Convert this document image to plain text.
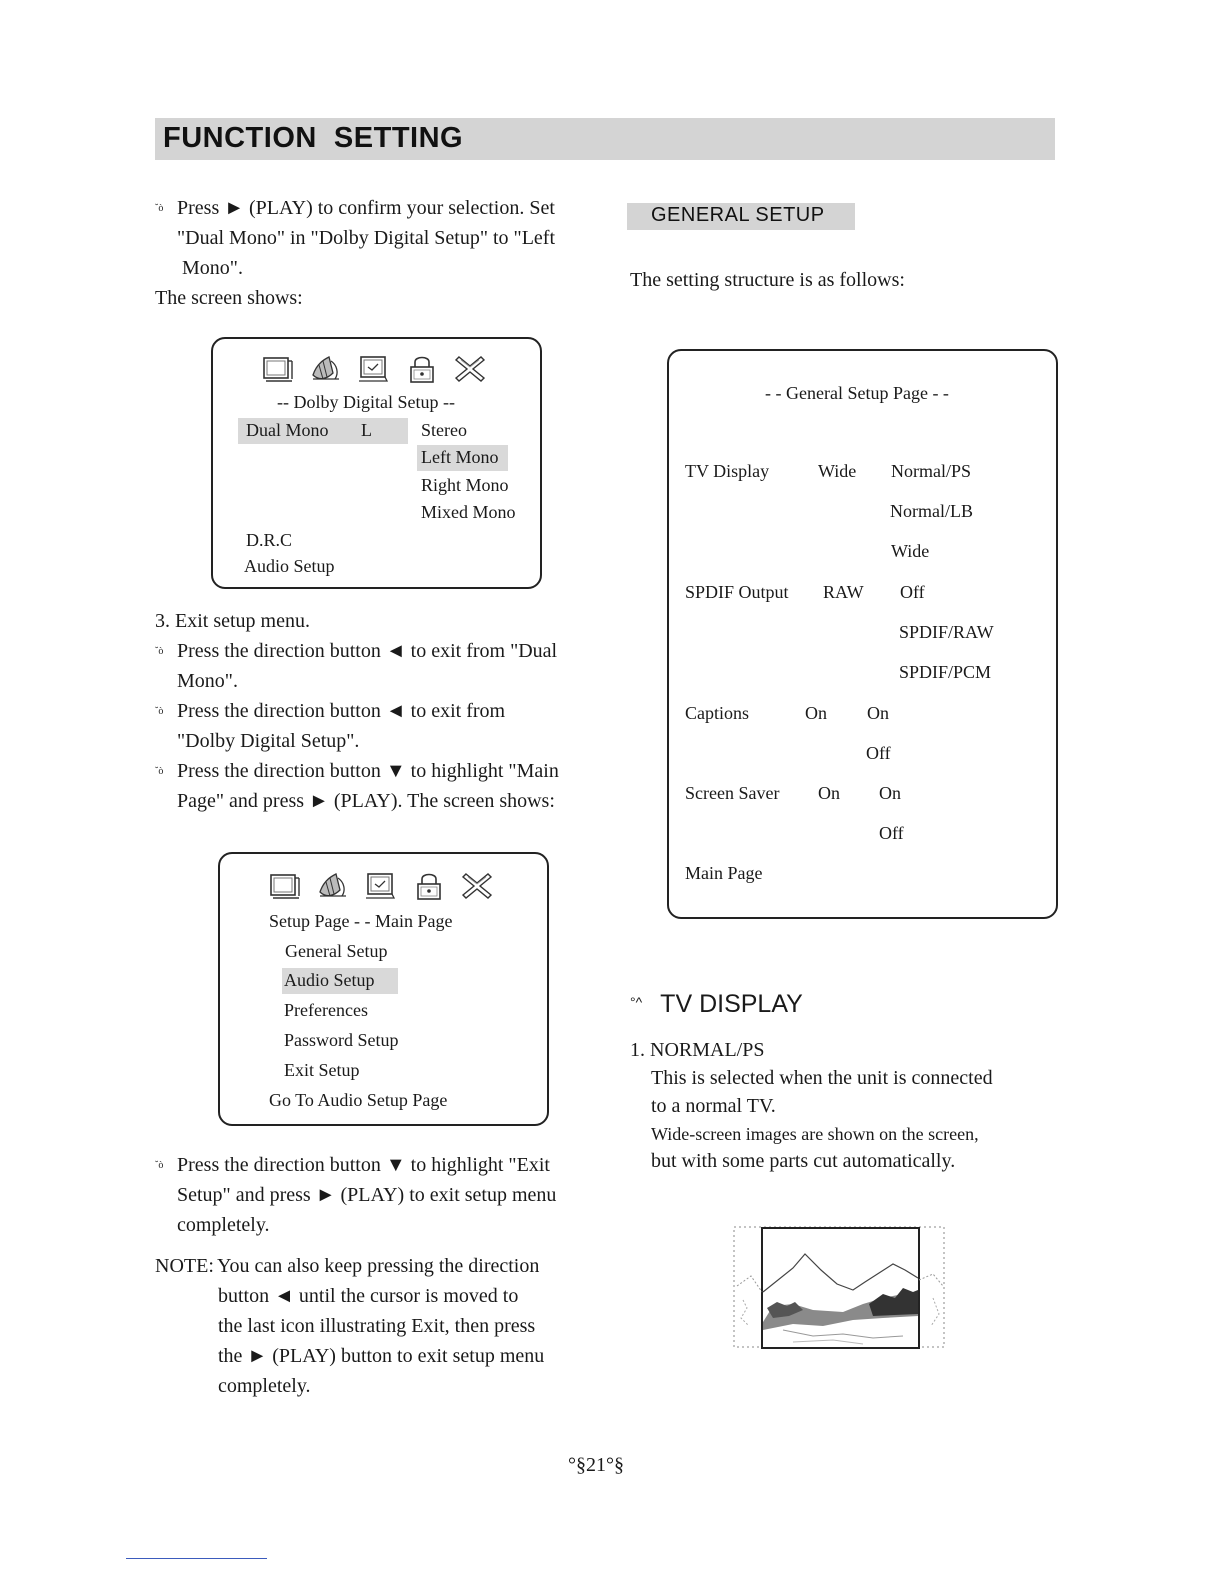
FUNCTION  SETTING
˘ò Press ► (PLAY) to confirm your selection. Set
"Dual Mono" in "Dolby Digital Setup" to "Left
Mono".
The screen shows:
-- Dolby Digital Setup --
Dual Mono L	Stereo
Left Mono
Right Mono
Mixed Mono
D.R.C
Audio Setup
3. Exit setup menu.
˘ò Press the direction button ◄ to exit from "Dual
Mono".
˘ò Press the direction button ◄ to exit from
"Dolby Digital Setup".
˘ò Press the direction button ▼ to highlight "Main
Page" and press ► (PLAY). The screen shows:
Setup Page - - Main Page
General Setup
Audio Setup
Preferences
Password Setup
Exit Setup
Go To Audio Setup Page
˘ò Press the direction button ▼ to highlight "Exit
Setup" and press ► (PLAY) to exit setup menu
completely.
NOTE: You can also keep pressing the direction
button ◄ until the cursor is moved to
the last icon illustrating Exit, then press
the ► (PLAY) button to exit setup menu
completely.
GENERAL SETUP
The setting structure is as follows:
- - General Setup Page - -
TV Display	Wide Normal/PS
Normal/LB
Wide
SPDIF Output RAW Off
SPDIF/RAW
SPDIF/PCM
Captions	On On
Off
Screen Saver On On
Off
Main Page
°^ TV DISPLAY
1. NORMAL/PS
This is selected when the unit is connected
to a normal TV.
Wide-screen images are shown on the screen,
but with some parts cut automatically.
°§21°§
